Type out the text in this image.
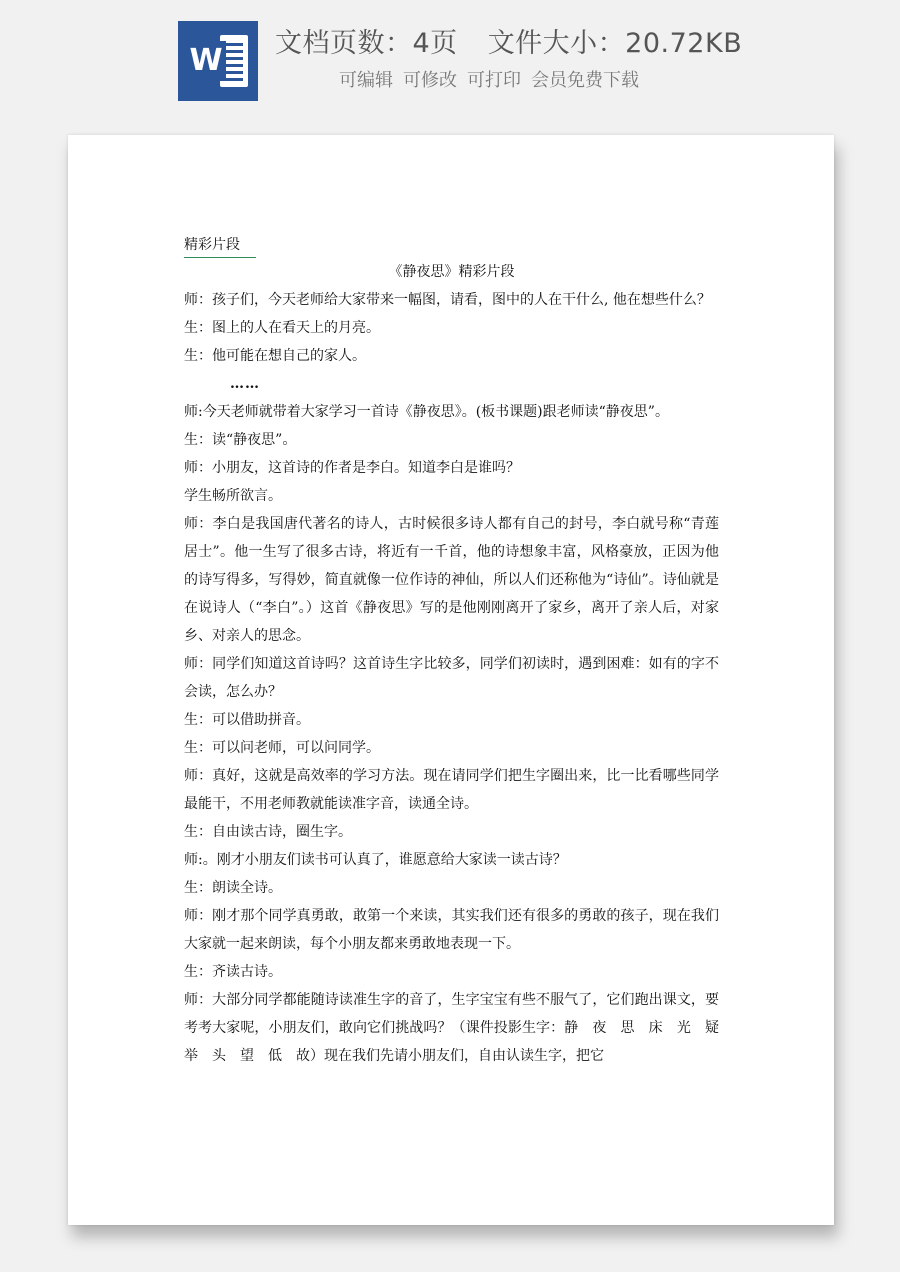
W 文档页数：4页 文件大小：20.72KB
可编辑 可修改 可打印 会员免费下载
精彩片段
《静夜思》精彩片段

师：孩子们，今天老师给大家带来一幅图，请看，图中的人在干什么, 他在想些什么？

生：图上的人在看天上的月亮。

生：他可能在想自己的家人。

……

师:今天老师就带着大家学习一首诗《静夜思》。(板书课题)跟老师读“静夜思”。

生：读“静夜思”。

师：小朋友，这首诗的作者是李白。知道李白是谁吗？

学生畅所欲言。

师：李白是我国唐代著名的诗人，古时候很多诗人都有自己的封号，李白就号称“青莲居士”。他一生写了很多古诗，将近有一千首，他的诗想象丰富，风格豪放，正因为他的诗写得多，写得妙，简直就像一位作诗的神仙，所以人们还称他为“诗仙”。诗仙就是在说诗人（“李白”。）这首《静夜思》写的是他刚刚离开了家乡，离开了亲人后，对家乡、对亲人的思念。

师：同学们知道这首诗吗？这首诗生字比较多，同学们初读时，遇到困难：如有的字不会读，怎么办？

生：可以借助拼音。

生：可以问老师，可以问同学。

师：真好，这就是高效率的学习方法。现在请同学们把生字圈出来，比一比看哪些同学最能干，不用老师教就能读准字音，读通全诗。

生：自由读古诗，圈生字。

师:。刚才小朋友们读书可认真了，谁愿意给大家读一读古诗？

生：朗读全诗。

师：刚才那个同学真勇敢，敢第一个来读，其实我们还有很多的勇敢的孩子，现在我们大家就一起来朗读，每个小朋友都来勇敢地表现一下。

生：齐读古诗。

师：大部分同学都能随诗读准生字的音了，生字宝宝有些不服气了，它们跑出课文，要考考大家呢，小朋友们，敢向它们挑战吗？（课件投影生字：静　夜　思　床　光　疑　举　头　望　低　故）现在我们先请小朋友们，自由认读生字，把它
